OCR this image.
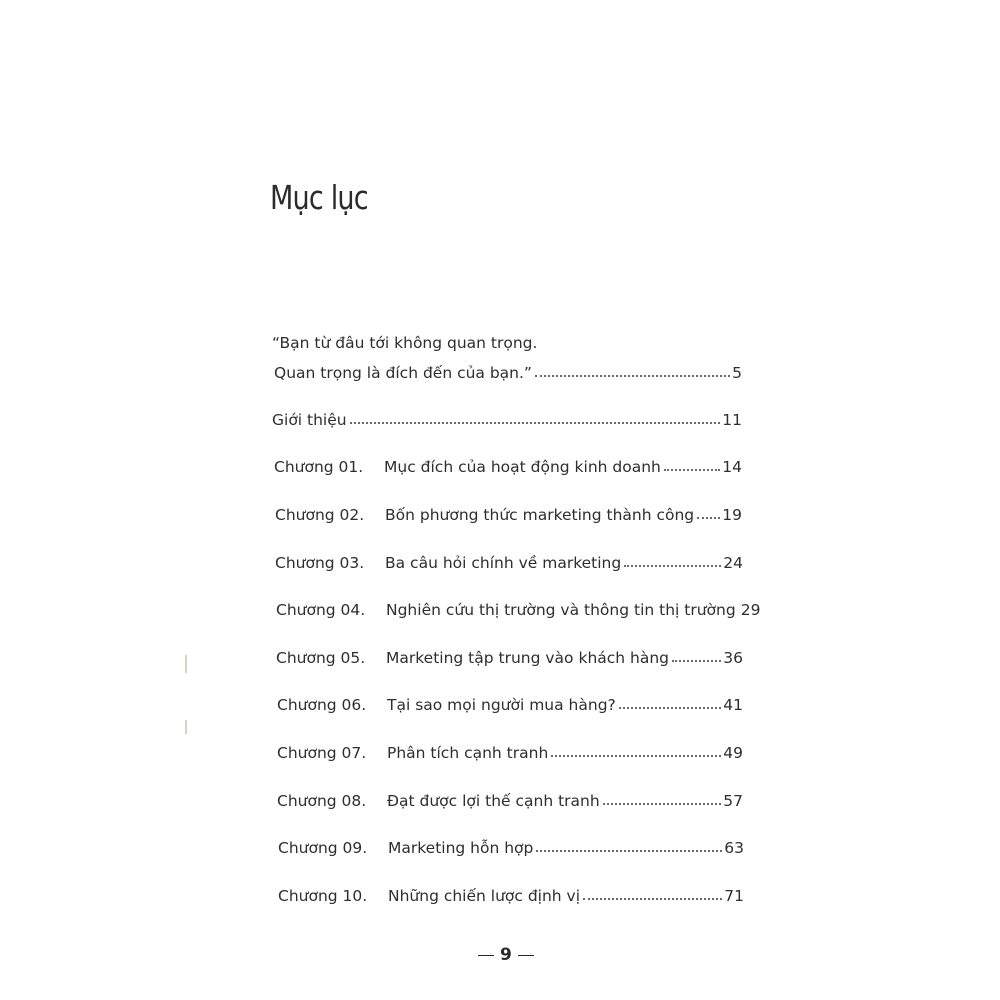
Mục lục
“Bạn từ đâu tới không quan trọng.
Quan trọng là đích đến của bạn.”	5
Giới thiệu	11
Chương 01.	Mục đích của hoạt động kinh doanh	14
Chương 02.	Bốn phương thức marketing thành công 19
Chương 03.	Ba câu hỏi chính về marketing	24
Chương 04.	Nghiên cứu thị trường và thông tin thị trường 29
Chương 05.	Marketing tập trung vào khách hàng	36
Chương 06.	Tại sao mọi người mua hàng?	41
Chương 07.	Phân tích cạnh tranh	49
Chương 08.	Đạt được lợi thế cạnh tranh	57
Chương 09.	Marketing hỗn hợp	63
Chương 10.	Những chiến lược định vị	71
9
